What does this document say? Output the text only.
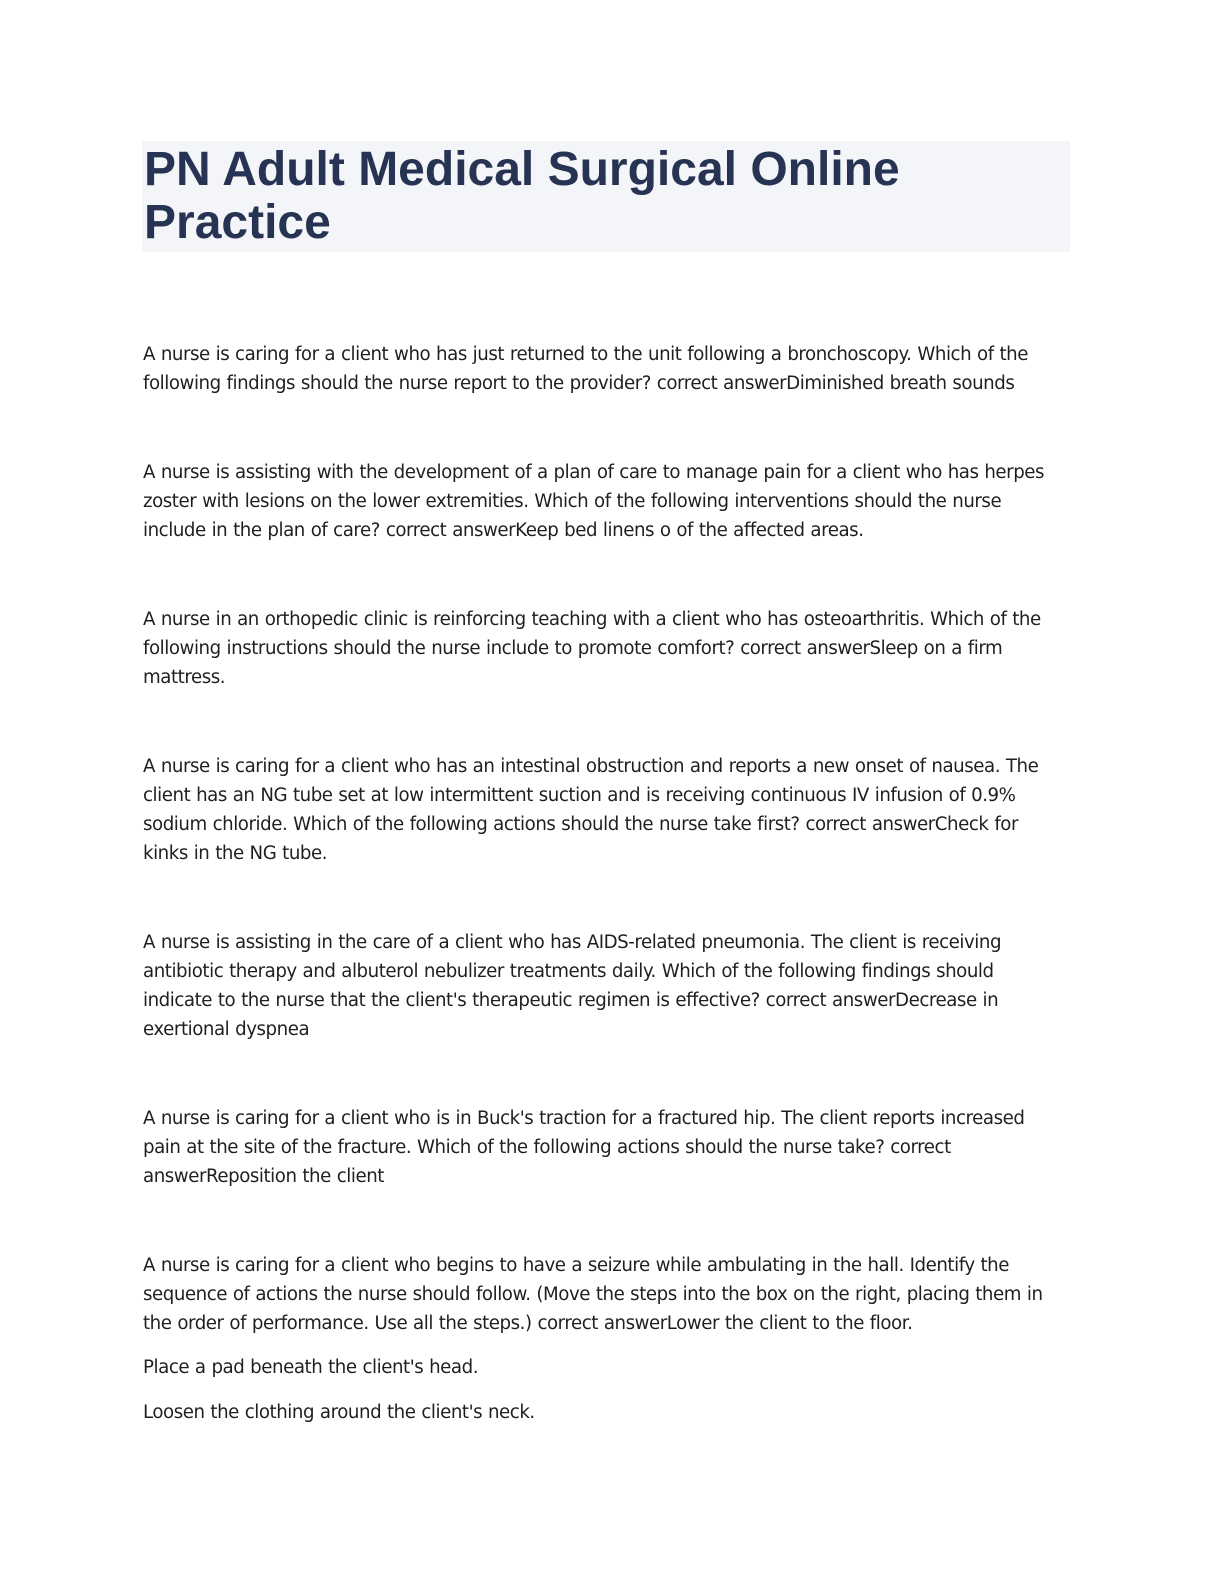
PN Adult Medical Surgical Online Practice

A nurse is caring for a client who has just returned to the unit following a bronchoscopy. Which of the following findings should the nurse report to the provider? correct answerDiminished breath sounds

A nurse is assisting with the development of a plan of care to manage pain for a client who has herpes zoster with lesions on the lower extremities. Which of the following interventions should the nurse include in the plan of care? correct answerKeep bed linens o of the affected areas.

A nurse in an orthopedic clinic is reinforcing teaching with a client who has osteoarthritis. Which of the following instructions should the nurse include to promote comfort? correct answerSleep on a firm mattress.

A nurse is caring for a client who has an intestinal obstruction and reports a new onset of nausea. The client has an NG tube set at low intermittent suction and is receiving continuous IV infusion of 0.9% sodium chloride. Which of the following actions should the nurse take first? correct answerCheck for kinks in the NG tube.

A nurse is assisting in the care of a client who has AIDS-related pneumonia. The client is receiving antibiotic therapy and albuterol nebulizer treatments daily. Which of the following findings should indicate to the nurse that the client's therapeutic regimen is effective? correct answerDecrease in exertional dyspnea

A nurse is caring for a client who is in Buck's traction for a fractured hip. The client reports increased pain at the site of the fracture. Which of the following actions should the nurse take? correct answerReposition the client

A nurse is caring for a client who begins to have a seizure while ambulating in the hall. Identify the sequence of actions the nurse should follow. (Move the steps into the box on the right, placing them in the order of performance. Use all the steps.) correct answerLower the client to the floor.

Place a pad beneath the client's head.

Loosen the clothing around the client's neck.
